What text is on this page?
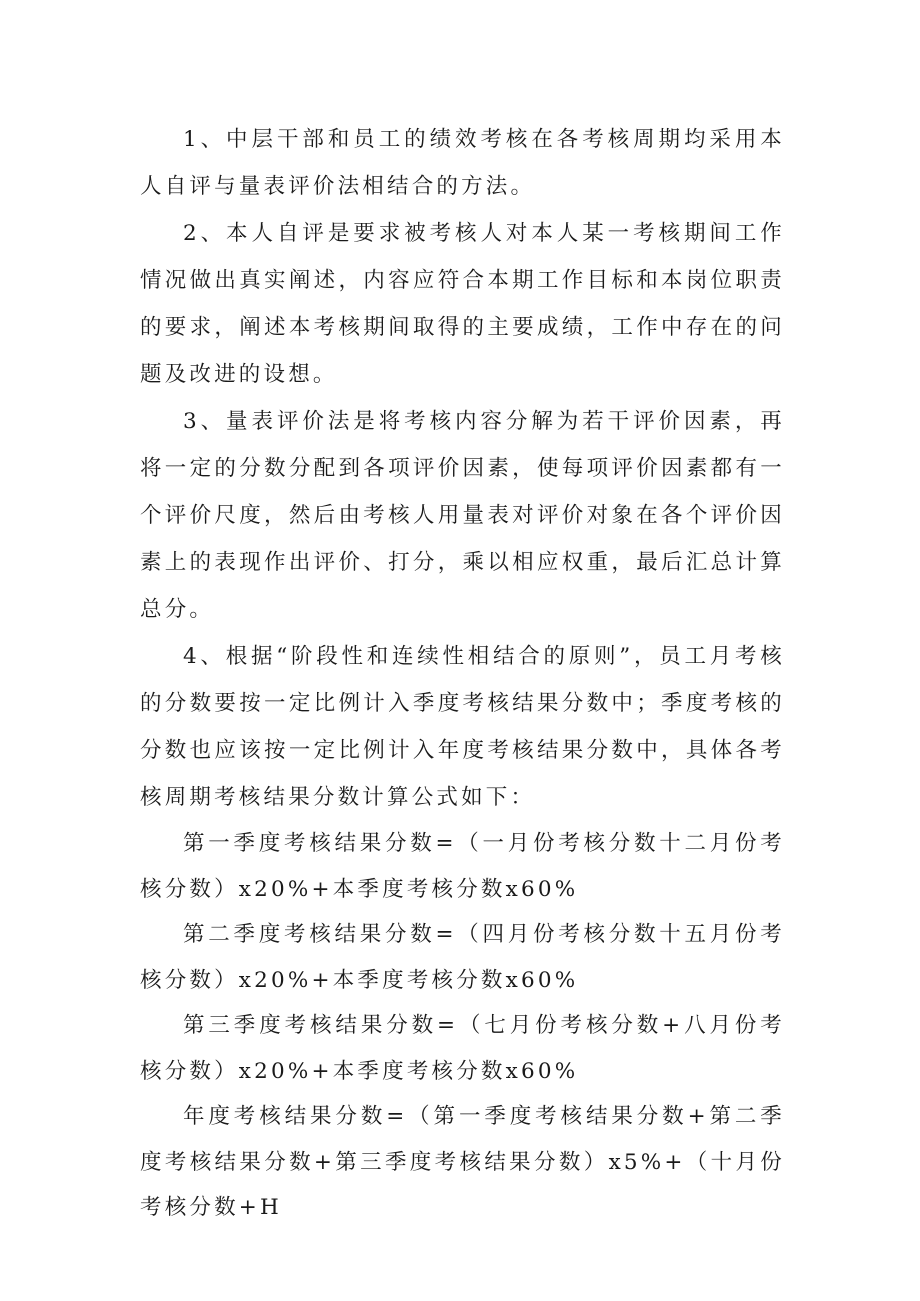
1、中层干部和员工的绩效考核在各考核周期均采用本人自评与量表评价法相结合的方法。

2、本人自评是要求被考核人对本人某一考核期间工作情况做出真实阐述，内容应符合本期工作目标和本岗位职责的要求，阐述本考核期间取得的主要成绩，工作中存在的问题及改进的设想。

3、量表评价法是将考核内容分解为若干评价因素，再将一定的分数分配到各项评价因素，使每项评价因素都有一个评价尺度，然后由考核人用量表对评价对象在各个评价因素上的表现作出评价、打分，乘以相应权重，最后汇总计算总分。

4、根据“阶段性和连续性相结合的原则”，员工月考核的分数要按一定比例计入季度考核结果分数中；季度考核的分数也应该按一定比例计入年度考核结果分数中，具体各考核周期考核结果分数计算公式如下：

第一季度考核结果分数=（一月份考核分数十二月份考核分数）x20%+本季度考核分数x60%

第二季度考核结果分数=（四月份考核分数十五月份考核分数）x20%+本季度考核分数x60%

第三季度考核结果分数=（七月份考核分数+八月份考核分数）x20%+本季度考核分数x60%

年度考核结果分数=（第一季度考核结果分数+第二季度考核结果分数+第三季度考核结果分数）x5%+（十月份考核分数+H
